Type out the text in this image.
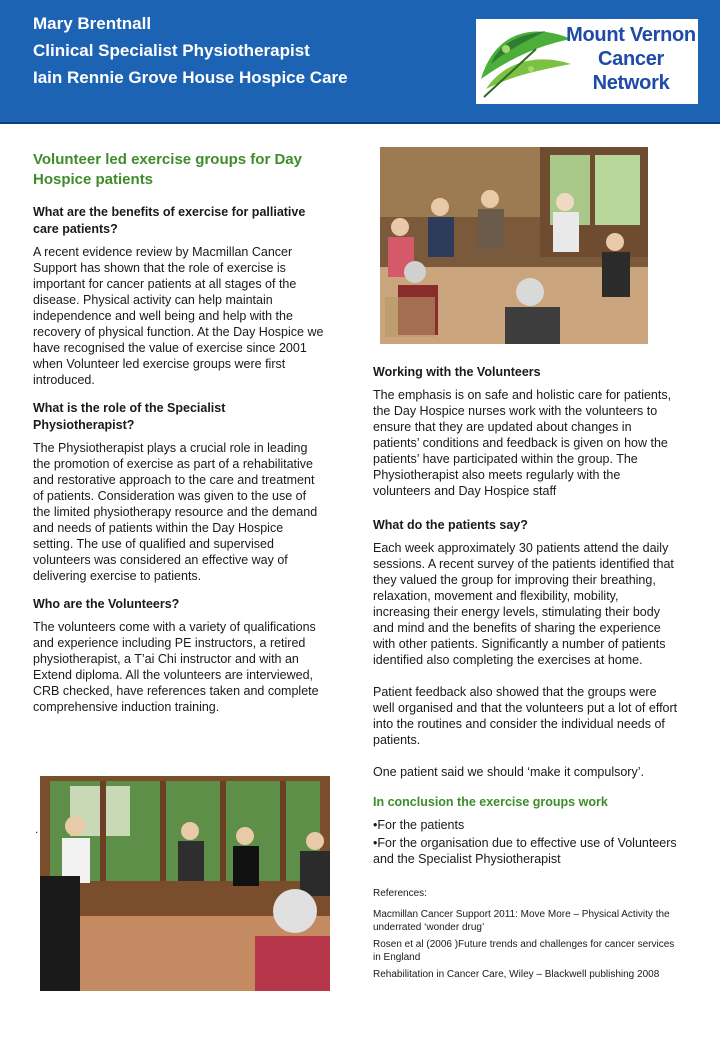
Mary Brentnall
Clinical Specialist Physiotherapist
Iain Rennie Grove House Hospice Care
Mount Vernon
Cancer
Network
Volunteer led exercise groups for Day Hospice patients
What are the benefits of exercise for palliative care patients?

A recent evidence review by Macmillan Cancer Support has shown that the role of exercise is important for cancer patients at all stages of the disease. Physical activity can help maintain independence and well being and help with the recovery of physical function. At the Day Hospice we have recognised the value of exercise since 2001 when Volunteer led exercise groups were first introduced.

What is the role of the Specialist Physiotherapist?

The Physiotherapist plays a crucial role in leading the promotion of exercise as part of a rehabilitative and restorative approach to the care and treatment of patients. Consideration was given to the use of the limited physiotherapy resource and the demand and needs of patients within the Day Hospice setting. The use of qualified and supervised volunteers was considered an effective way of delivering exercise to patients.

Who are the Volunteers?

The volunteers come with a variety of qualifications and experience including PE instructors, a retired physiotherapist, a T’ai Chi instructor and with an Extend diploma. All the volunteers are interviewed, CRB checked, have references taken and complete comprehensive induction training.

.
Working with the Volunteers

The emphasis is on safe and holistic care for patients, the Day Hospice nurses work with the volunteers to ensure that they are updated about changes in patients’ conditions and feedback is given on how the patients’ have participated within the group. The Physiotherapist also meets regularly with the volunteers and Day Hospice staff

What do the patients say?

Each week approximately 30 patients attend the daily sessions. A recent survey of the patients identified that they valued the group for improving their breathing, relaxation, movement and flexibility, mobility, increasing their energy levels, stimulating their body and mind and the benefits of sharing the experience with other patients. Significantly a number of patients identified also completing the exercises at home.

Patient feedback also showed that the groups were well organised and that the volunteers put a lot of effort into the routines and consider the individual needs of patients.

One patient said we should ‘make it compulsory’.

In conclusion the exercise groups work

•For the patients

•For the organisation due to effective use of Volunteers and the Specialist Physiotherapist

References:
Macmillan Cancer Support 2011: Move More – Physical Activity the underrated ‘wonder drug’
Rosen et al (2006 )Future trends and challenges for cancer services in England
Rehabilitation in Cancer Care, Wiley – Blackwell publishing 2008
